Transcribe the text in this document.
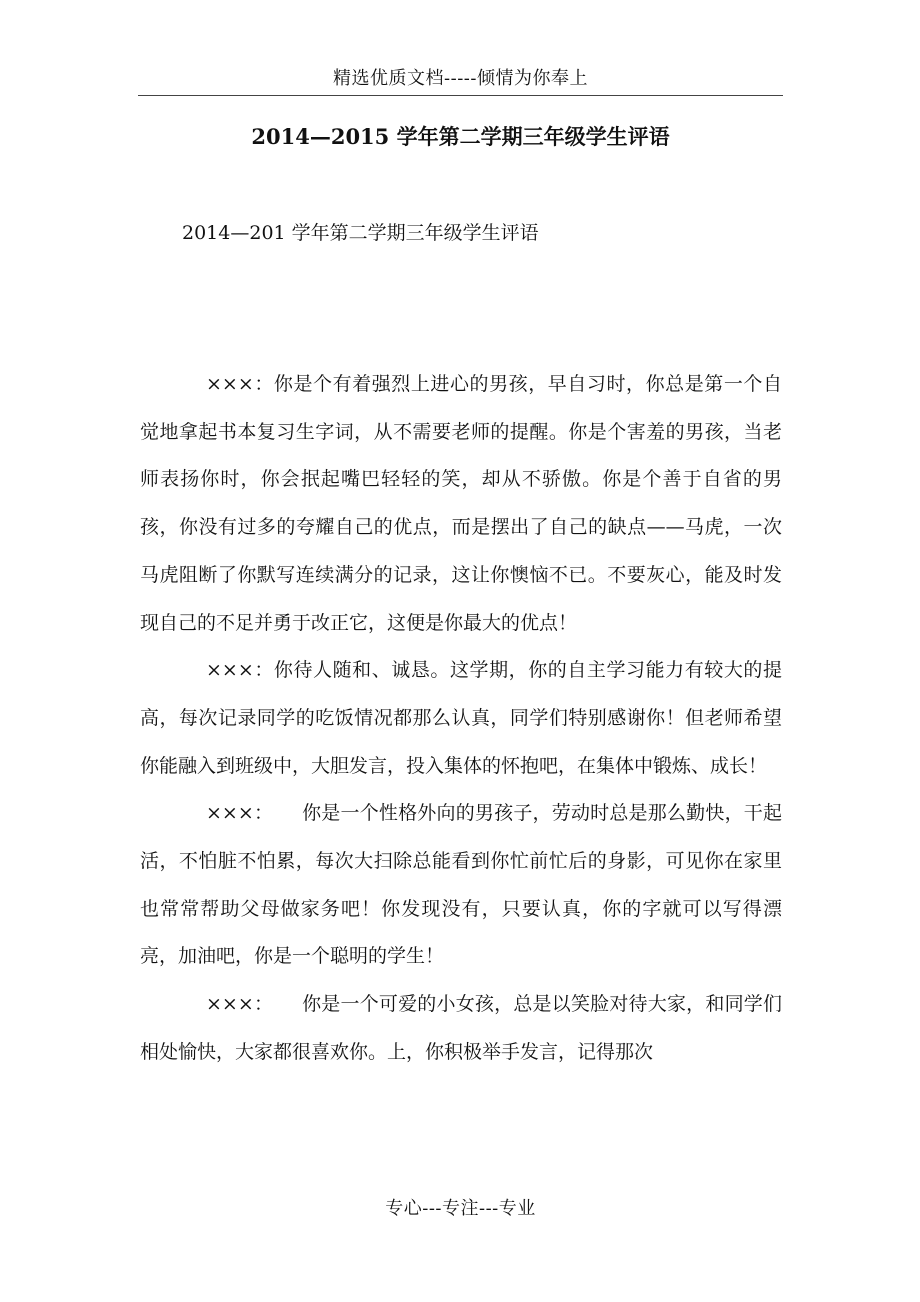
精选优质文档-----倾情为你奉上
2014—2015 学年第二学期三年级学生评语
2014—201 学年第二学期三年级学生评语

×××：你是个有着强烈上进心的男孩，早自习时，你总是第一个自觉地拿起书本复习生字词，从不需要老师的提醒。你是个害羞的男孩，当老师表扬你时，你会抿起嘴巴轻轻的笑，却从不骄傲。你是个善于自省的男孩，你没有过多的夸耀自己的优点，而是摆出了自己的缺点——马虎，一次马虎阻断了你默写连续满分的记录，这让你懊恼不已。不要灰心，能及时发现自己的不足并勇于改正它，这便是你最大的优点！

×××：你待人随和、诚恳。这学期，你的自主学习能力有较大的提高，每次记录同学的吃饭情况都那么认真，同学们特别感谢你！但老师希望你能融入到班级中，大胆发言，投入集体的怀抱吧，在集体中锻炼、成长！

×××：　　你是一个性格外向的男孩子，劳动时总是那么勤快，干起活，不怕脏不怕累，每次大扫除总能看到你忙前忙后的身影，可见你在家里也常常帮助父母做家务吧！你发现没有，只要认真，你的字就可以写得漂亮，加油吧，你是一个聪明的学生！

×××：　　你是一个可爱的小女孩，总是以笑脸对待大家，和同学们相处愉快，大家都很喜欢你。上，你积极举手发言，记得那次

专心---专注---专业
